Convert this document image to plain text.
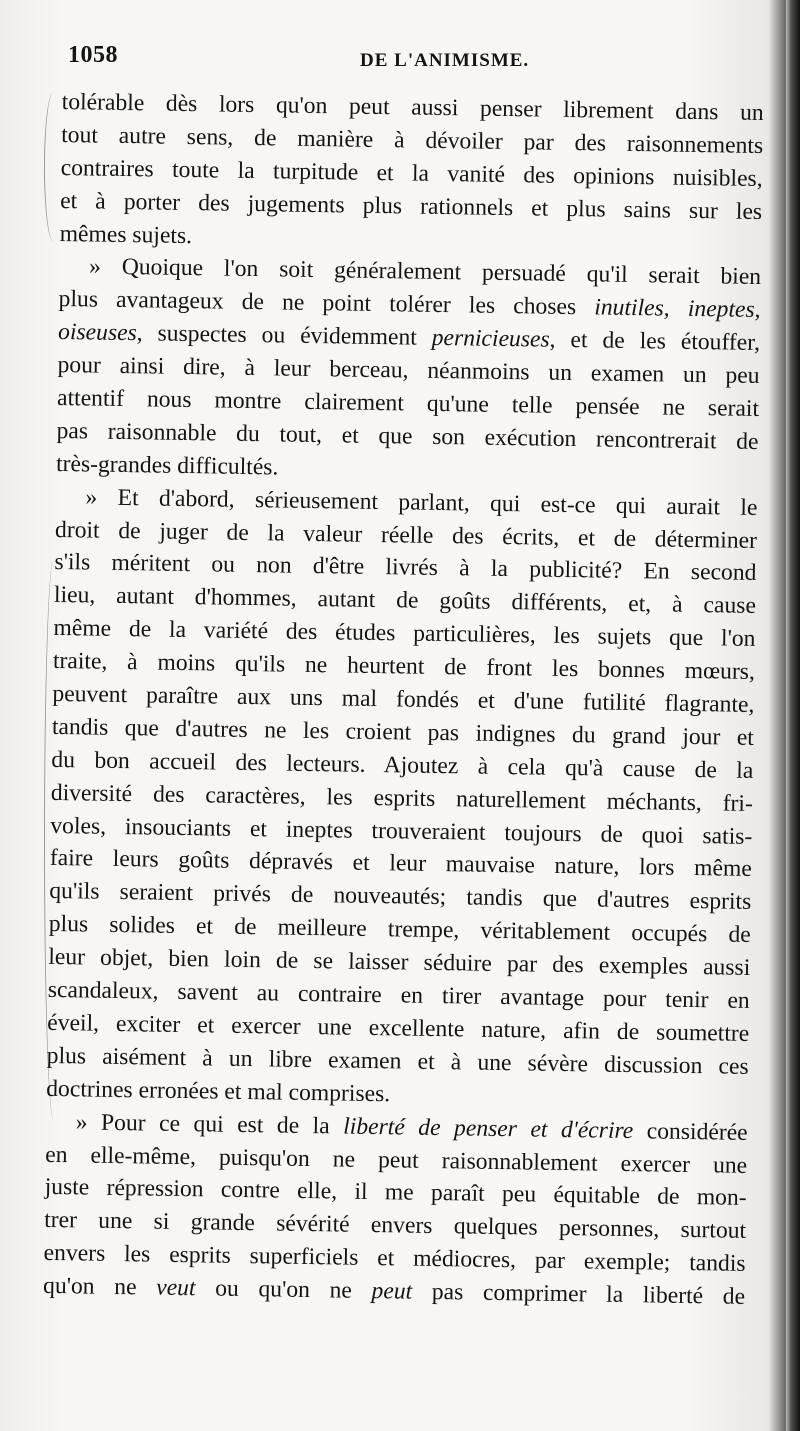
1058	DE L'ANIMISME.
tolérable dès lors qu'on peut aussi penser librement dans un
tout autre sens, de manière à dévoiler par des raisonnements
contraires toute la turpitude et la vanité des opinions nuisibles,
et à porter des jugements plus rationnels et plus sains sur les
mêmes sujets.
» Quoique l'on soit généralement persuadé qu'il serait bien
plus avantageux de ne point tolérer les choses inutiles, ineptes,
oiseuses, suspectes ou évidemment pernicieuses, et de les étouffer,
pour ainsi dire, à leur berceau, néanmoins un examen un peu
attentif nous montre clairement qu'une telle pensée ne serait
pas raisonnable du tout, et que son exécution rencontrerait de
très-grandes difficultés.
» Et d'abord, sérieusement parlant, qui est-ce qui aurait le
droit de juger de la valeur réelle des écrits, et de déterminer
s'ils méritent ou non d'être livrés à la publicité? En second
lieu, autant d'hommes, autant de goûts différents, et, à cause
même de la variété des études particulières, les sujets que l'on
traite, à moins qu'ils ne heurtent de front les bonnes mœurs,
peuvent paraître aux uns mal fondés et d'une futilité flagrante,
tandis que d'autres ne les croient pas indignes du grand jour et
du bon accueil des lecteurs. Ajoutez à cela qu'à cause de la
diversité des caractères, les esprits naturellement méchants, fri-
voles, insouciants et ineptes trouveraient toujours de quoi satis-
faire leurs goûts dépravés et leur mauvaise nature, lors même
qu'ils seraient privés de nouveautés; tandis que d'autres esprits
plus solides et de meilleure trempe, véritablement occupés de
leur objet, bien loin de se laisser séduire par des exemples aussi
scandaleux, savent au contraire en tirer avantage pour tenir en
éveil, exciter et exercer une excellente nature, afin de soumettre
plus aisément à un libre examen et à une sévère discussion ces
doctrines erronées et mal comprises.
» Pour ce qui est de la liberté de penser et d'écrire considérée
en elle-même, puisqu'on ne peut raisonnablement exercer une
juste répression contre elle, il me paraît peu équitable de mon-
trer une si grande sévérité envers quelques personnes, surtout
envers les esprits superficiels et médiocres, par exemple; tandis
qu'on ne veut ou qu'on ne peut pas comprimer la liberté de
